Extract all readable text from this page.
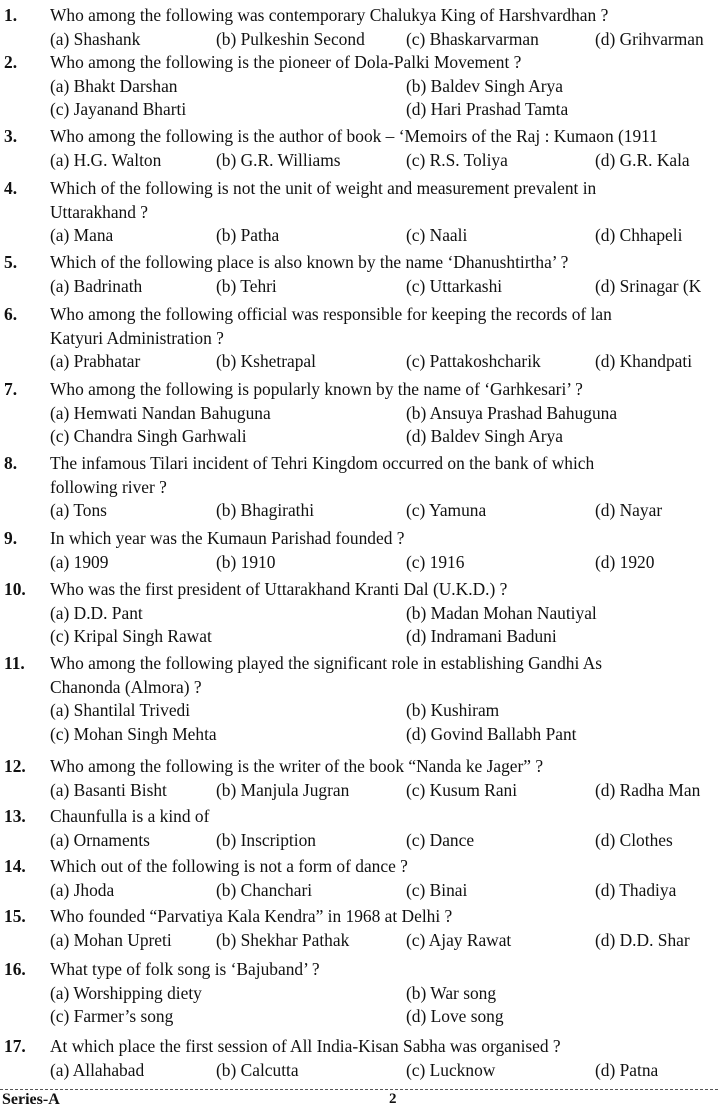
1. Who among the following was contemporary Chalukya King of Harshvardhan ?
(a) Shashank	(b) Pulkeshin Second (c) Bhaskarvarman	(d) Grihvarman
2. Who among the following is the pioneer of Dola-Palki Movement ?
(a) Bhakt Darshan	(b) Baldev Singh Arya
(c) Jayanand Bharti	(d) Hari Prashad Tamta
3. Who among the following is the author of book – ‘Memoirs of the Raj : Kumaon (1911
(a) H.G. Walton	(b) G.R. Williams	(c) R.S. Toliya	(d) G.R. Kala
4. Which of the following is not the unit of weight and measurement prevalent in
Uttarakhand ?
(a) Mana	(b) Patha	(c) Naali	(d) Chhapeli
5. Which of the following place is also known by the name ‘Dhanushtirtha’ ?
(a) Badrinath	(b) Tehri	(c) Uttarkashi	(d) Srinagar (K
6. Who among the following official was responsible for keeping the records of lan
Katyuri Administration ?
(a) Prabhatar	(b) Kshetrapal	(c) Pattakoshcharik	(d) Khandpati
7. Who among the following is popularly known by the name of ‘Garhkesari’ ?
(a) Hemwati Nandan Bahuguna	(b) Ansuya Prashad Bahuguna
(c) Chandra Singh Garhwali	(d) Baldev Singh Arya
8. The infamous Tilari incident of Tehri Kingdom occurred on the bank of which
following river ?
(a) Tons	(b) Bhagirathi	(c) Yamuna	(d) Nayar
9. In which year was the Kumaun Parishad founded ?
(a) 1909	(b) 1910	(c) 1916	(d) 1920
10. Who was the first president of Uttarakhand Kranti Dal (U.K.D.) ?
(a) D.D. Pant	(b) Madan Mohan Nautiyal
(c) Kripal Singh Rawat	(d) Indramani Baduni
11. Who among the following played the significant role in establishing Gandhi As
Chanonda (Almora) ?
(a) Shantilal Trivedi	(b) Kushiram
(c) Mohan Singh Mehta	(d) Govind Ballabh Pant
12. Who among the following is the writer of the book “Nanda ke Jager” ?
(a) Basanti Bisht	(b) Manjula Jugran	(c) Kusum Rani	(d) Radha Man
13. Chaunfulla is a kind of
(a) Ornaments	(b) Inscription	(c) Dance	(d) Clothes
14. Which out of the following is not a form of dance ?
(a) Jhoda	(b) Chanchari	(c) Binai	(d) Thadiya
15. Who founded “Parvatiya Kala Kendra” in 1968 at Delhi ?
(a) Mohan Upreti	(b) Shekhar Pathak	(c) Ajay Rawat	(d) D.D. Shar
16. What type of folk song is ‘Bajuband’ ?
(a) Worshipping diety	(b) War song
(c) Farmer’s song	(d) Love song
17. At which place the first session of All India-Kisan Sabha was organised ?
(a) Allahabad	(b) Calcutta	(c) Lucknow	(d) Patna
Series-A	2
